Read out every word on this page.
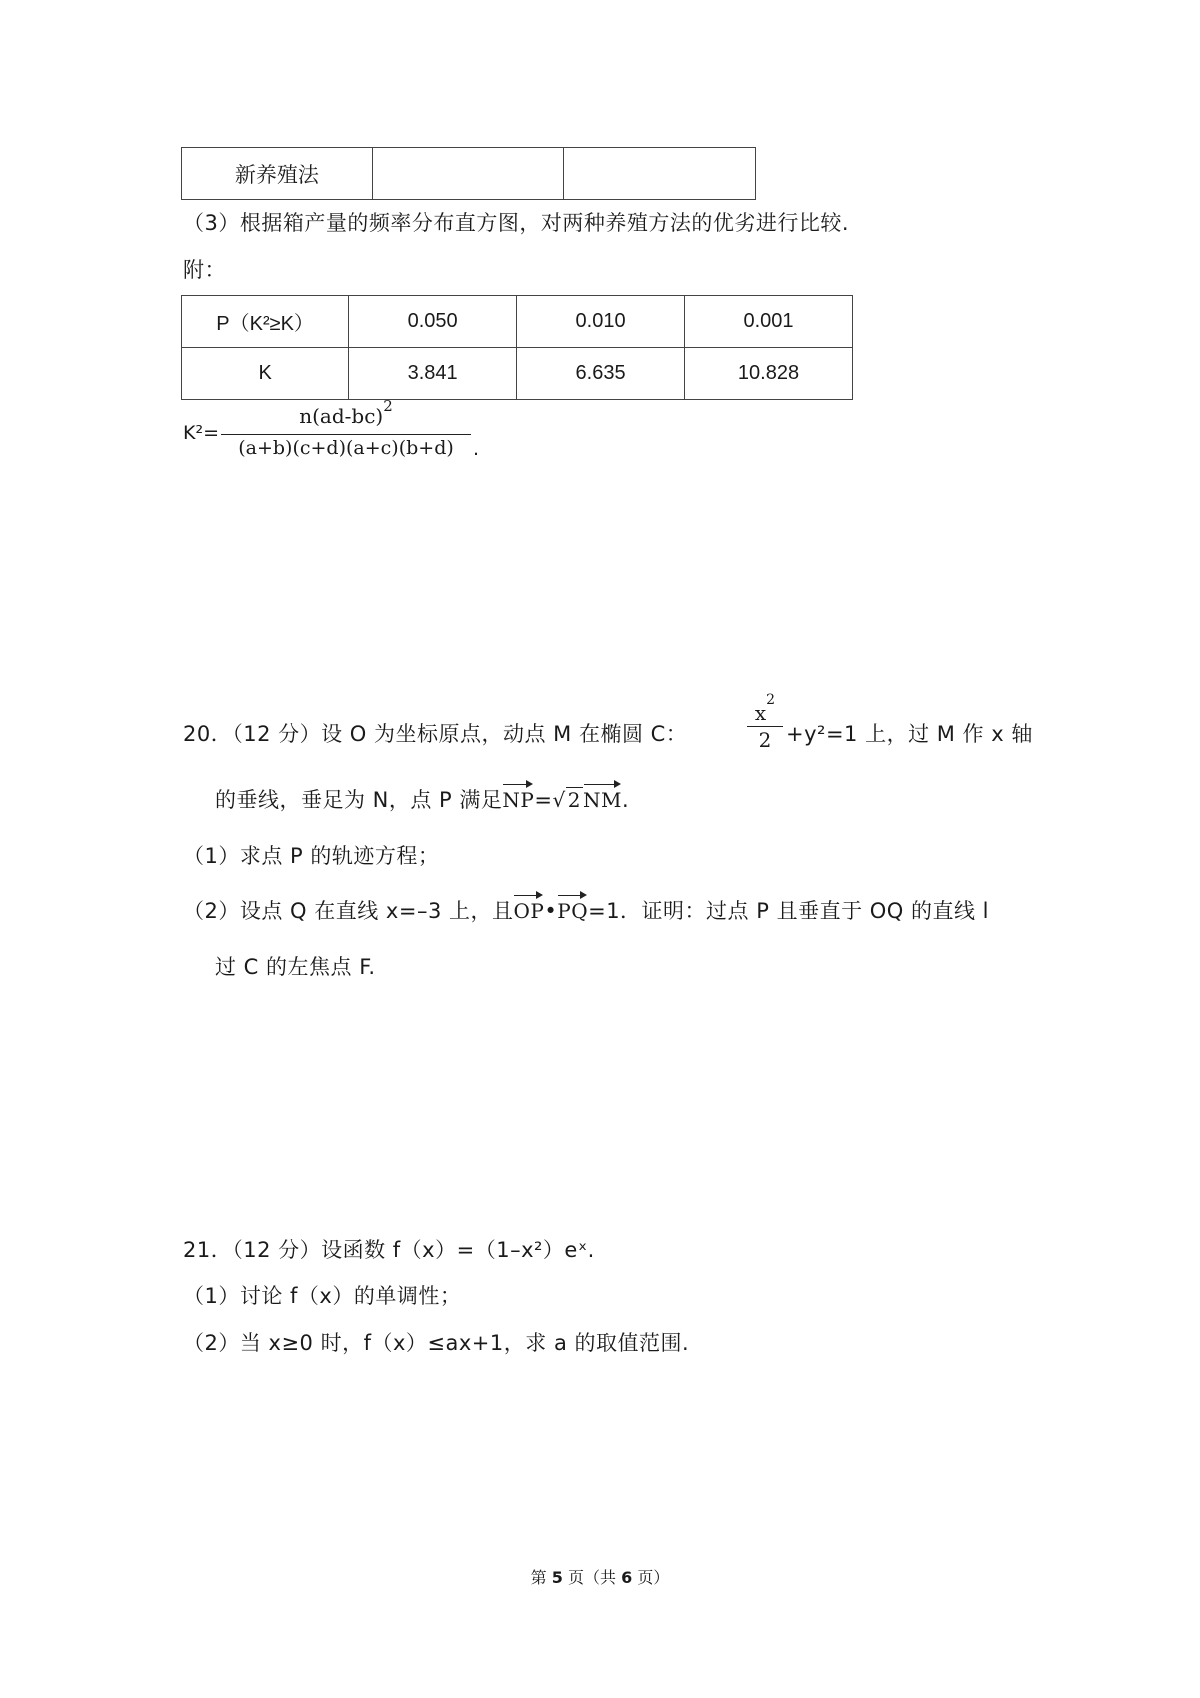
新养殖法		
（3）根据箱产量的频率分布直方图，对两种养殖方法的优劣进行比较.
附：
P（K²≥K）	0.050	0.010	0.001
K	3.841	6.635	10.828
K²=
$n(ad-bc)^2$
(a+b)(c+d)(a+c)(b+d)	.
20．（12 分）设 O 为坐标原点，动点 M 在椭圆 C：	$\frac{x^2}{2} +y^2=1$ 上，过 M 作 x 轴
的垂线，垂足为 N，点 P 满足NP=√ 2 NM.
（1）求点 P 的轨迹方程；
（2）设点 Q 在直线 x=–3 上，且OP•PQ=1．证明：过点 P 且垂直于 OQ 的直线 l
过 C 的左焦点 F.
21．（12 分）设函数 f（x）=（1–x²）eˣ.
（1）讨论 f（x）的单调性；
（2）当 x≥0 时，f（x）≤ax+1，求 a 的取值范围.
第 5 页（共 6 页）
